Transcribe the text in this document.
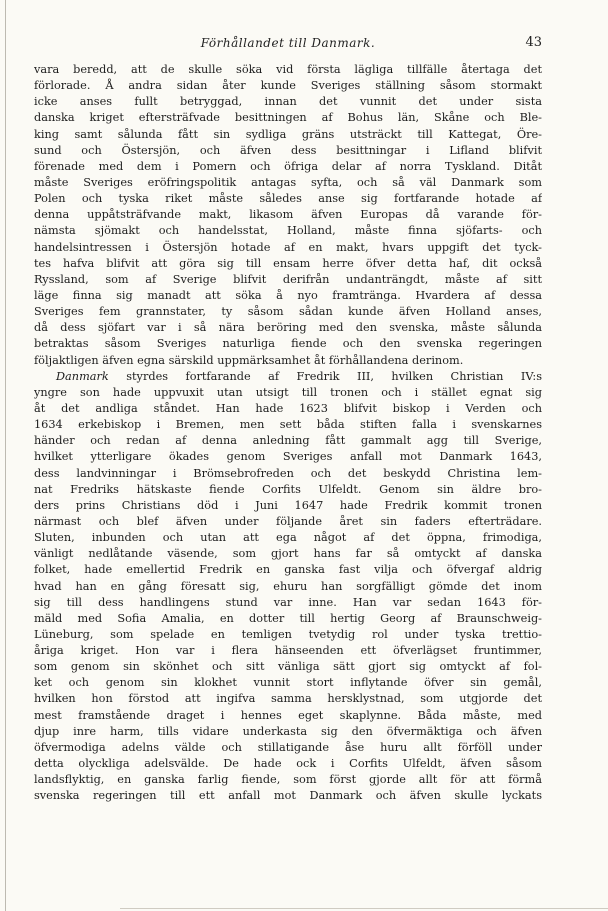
Förhållandet till Danmark.	43
vara beredd, att de skulle söka vid första lägliga tillfälle återtaga det
förlorade. Å andra sidan åter kunde Sveriges ställning såsom stormakt
icke anses fullt betryggad, innan det vunnit det under sista
danska kriget eftersträfvade besittningen af Bohus län, Skåne och Ble-
king samt sålunda fått sin sydliga gräns utsträckt till Kattegat, Öre-
sund och Östersjön, och äfven dess besittningar i Lifland blifvit
förenade med dem i Pomern och öfriga delar af norra Tyskland. Ditåt
måste Sveriges eröfringspolitik antagas syfta, och så väl Danmark som
Polen och tyska riket måste således anse sig fortfarande hotade af
denna uppåtsträfvande makt, likasom äfven Europas då varande för-
nämsta sjömakt och handelsstat, Holland, måste finna sjöfarts- och
handelsintressen i Östersjön hotade af en makt, hvars uppgift det tyck-
tes hafva blifvit att göra sig till ensam herre öfver detta haf, dit också
Ryssland, som af Sverige blifvit derifrån undanträngdt, måste af sitt
läge finna sig manadt att söka å nyo framtränga. Hvardera af dessa
Sveriges fem grannstater, ty såsom sådan kunde äfven Holland anses,
då dess sjöfart var i så nära beröring med den svenska, måste sålunda
betraktas såsom Sveriges naturliga fiende och den svenska regeringen
följaktligen äfven egna särskild uppmärksamhet åt förhållandena derinom.
Danmark styrdes fortfarande af Fredrik III, hvilken Christian IV:s
yngre son hade uppvuxit utan utsigt till tronen och i stället egnat sig
åt det andliga ståndet. Han hade 1623 blifvit biskop i Verden och
1634 erkebiskop i Bremen, men sett båda stiften falla i svenskarnes
händer och redan af denna anledning fått gammalt agg till Sverige,
hvilket ytterligare ökades genom Sveriges anfall mot Danmark 1643,
dess landvinningar i Brömsebrofreden och det beskydd Christina lem-
nat Fredriks hätskaste fiende Corfits Ulfeldt. Genom sin äldre bro-
ders prins Christians död i Juni 1647 hade Fredrik kommit tronen
närmast och blef äfven under följande året sin faders efterträdare.
Sluten, inbunden och utan att ega något af det öppna, frimodiga,
vänligt nedlåtande väsende, som gjort hans far så omtyckt af danska
folket, hade emellertid Fredrik en ganska fast vilja och öfvergaf aldrig
hvad han en gång föresatt sig, ehuru han sorgfälligt gömde det inom
sig till dess handlingens stund var inne. Han var sedan 1643 för-
mäld med Sofia Amalia, en dotter till hertig Georg af Braunschweig-
Lüneburg, som spelade en temligen tvetydig rol under tyska trettio-
åriga kriget. Hon var i flera hänseenden ett öfverlägset fruntimmer,
som genom sin skönhet och sitt vänliga sätt gjort sig omtyckt af fol-
ket och genom sin klokhet vunnit stort inflytande öfver sin gemål,
hvilken hon förstod att ingifva samma hersklystnad, som utgjorde det
mest framstående draget i hennes eget skaplynne. Båda måste, med
djup inre harm, tills vidare underkasta sig den öfvermäktiga och äfven
öfvermodiga adelns välde och stillatigande åse huru allt förföll under
detta olyckliga adelsvälde. De hade ock i Corfits Ulfeldt, äfven såsom
landsflyktig, en ganska farlig fiende, som först gjorde allt för att förmå
svenska regeringen till ett anfall mot Danmark och äfven skulle lyckats
